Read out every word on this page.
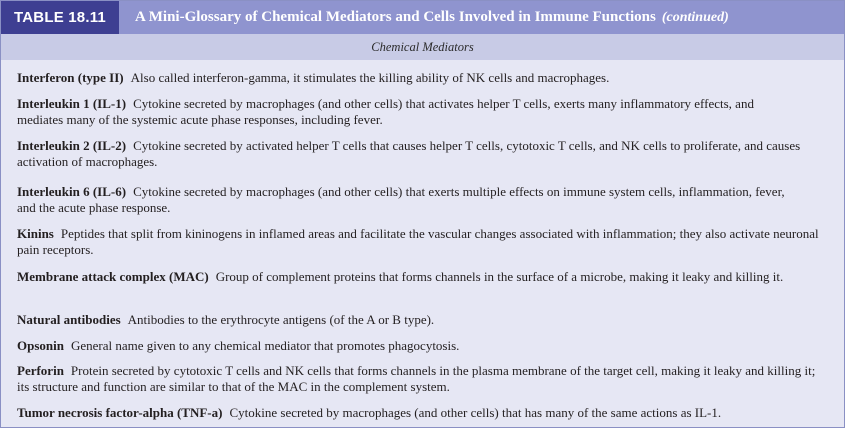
TABLE 18.11	A Mini-Glossary of Chemical Mediators and Cells Involved in Immune Functions (continued)
Chemical Mediators
Interferon (type II) Also called interferon-gamma, it stimulates the killing ability of NK cells and macrophages.
Interleukin 1 (IL-1) Cytokine secreted by macrophages (and other cells) that activates helper T cells, exerts many inflammatory effects, and mediates many of the systemic acute phase responses, including fever.
Interleukin 2 (IL-2) Cytokine secreted by activated helper T cells that causes helper T cells, cytotoxic T cells, and NK cells to proliferate, and causes activation of macrophages.
Interleukin 6 (IL-6) Cytokine secreted by macrophages (and other cells) that exerts multiple effects on immune system cells, inflammation, fever, and the acute phase response.
Kinins Peptides that split from kininogens in inflamed areas and facilitate the vascular changes associated with inflammation; they also activate neuronal pain receptors.
Membrane attack complex (MAC) Group of complement proteins that forms channels in the surface of a microbe, making it leaky and killing it.
Natural antibodies Antibodies to the erythrocyte antigens (of the A or B type).
Opsonin General name given to any chemical mediator that promotes phagocytosis.
Perforin Protein secreted by cytotoxic T cells and NK cells that forms channels in the plasma membrane of the target cell, making it leaky and killing it; its structure and function are similar to that of the MAC in the complement system.
Tumor necrosis factor-alpha (TNF-a) Cytokine secreted by macrophages (and other cells) that has many of the same actions as IL-1.
